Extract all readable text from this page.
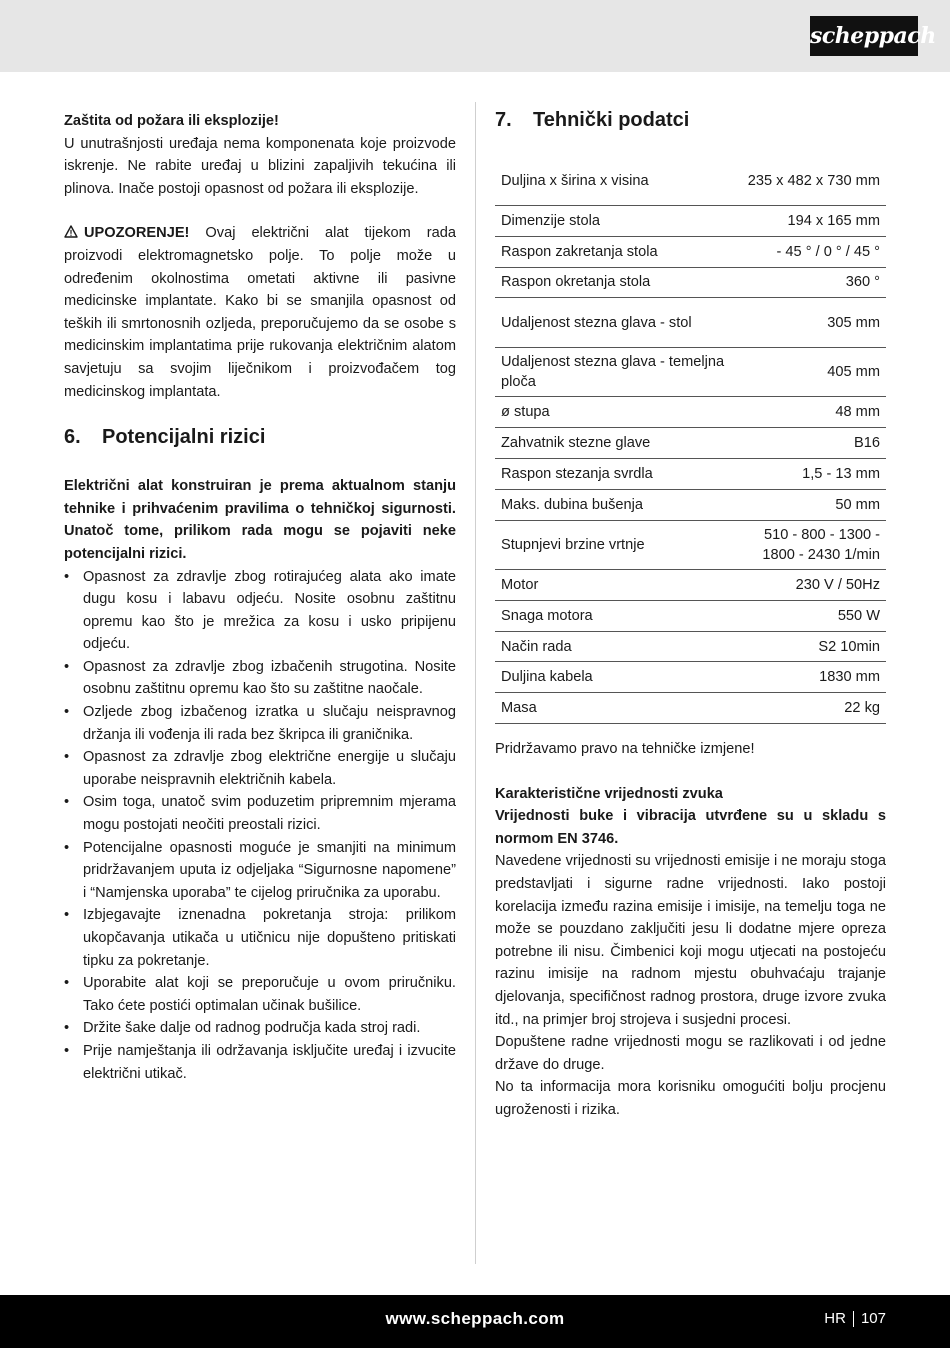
scheppach

Zaštita od požara ili eksplozije!

U unutrašnjosti uređaja nema komponenata koje proizvode iskrenje. Ne rabite uređaj u blizini zapaljivih tekućina ili plinova. Inače postoji opasnost od požara ili eksplozije.

UPOZORENJE! Ovaj električni alat tijekom rada proizvodi elektromagnetsko polje. To polje može u određenim okolnostima ometati aktivne ili pasivne medicinske implantate. Kako bi se smanjila opasnost od teških ili smrtonosnih ozljeda, preporučujemo da se osobe s medicinskim implantatima prije rukovanja električnim alatom savjetuju sa svojim liječnikom i proizvođačem tog medicinskog implantata.

6.	Potencijalni rizici

Električni alat konstruiran je prema aktualnom stanju tehnike i prihvaćenim pravilima o tehničkoj sigurnosti. Unatoč tome, prilikom rada mogu se pojaviti neke potencijalni rizici.

• Opasnost za zdravlje zbog rotirajućeg alata ako imate dugu kosu i labavu odjeću. Nosite osobnu zaštitnu opremu kao što je mrežica za kosu i usko pripijenu odjeću.
• Opasnost za zdravlje zbog izbačenih strugotina. Nosite osobnu zaštitnu opremu kao što su zaštitne naočale.
• Ozljede zbog izbačenog izratka u slučaju neispravnog držanja ili vođenja ili rada bez škripca ili graničnika.
• Opasnost za zdravlje zbog električne energije u slučaju uporabe neispravnih električnih kabela.
• Osim toga, unatoč svim poduzetim pripremnim mjerama mogu postojati neočiti preostali rizici.
• Potencijalne opasnosti moguće je smanjiti na minimum pridržavanjem uputa iz odjeljaka “Sigurnosne napomene” i “Namjenska uporaba” te cijelog priručnika za uporabu.
• Izbjegavajte iznenadna pokretanja stroja: prilikom ukopčavanja utikača u utičnicu nije dopušteno pritiskati tipku za pokretanje.
• Uporabite alat koji se preporučuje u ovom priručniku. Tako ćete postići optimalan učinak bušilice.
• Držite šake dalje od radnog područja kada stroj radi.
• Prije namještanja ili održavanja isključite uređaj i izvucite električni utikač.
7.	Tehnički podatci
Duljina x širina x visina	235 x 482 x 730 mm
Dimenzije stola	194 x 165 mm
Raspon zakretanja stola	- 45 ° / 0 ° / 45 °
Raspon okretanja stola	360 °
Udaljenost stezna glava - stol	305 mm
Udaljenost stezna glava - temeljna ploča	405 mm
ø stupa	48 mm
Zahvatnik stezne glave	B16
Raspon stezanja svrdla	1,5 - 13 mm
Maks. dubina bušenja	50 mm
Stupnjevi brzine vrtnje	510 - 800 - 1300 - 1800 - 2430 1/min
Motor	230 V / 50Hz
Snaga motora	550 W
Način rada	S2 10min
Duljina kabela	1830 mm
Masa	22 kg

Pridržavamo pravo na tehničke izmjene!

Karakteristične vrijednosti zvuka

Vrijednosti buke i vibracija utvrđene su u skladu s normom EN 3746.

Navedene vrijednosti su vrijednosti emisije i ne moraju stoga predstavljati i sigurne radne vrijednosti. Iako postoji korelacija između razina emisije i imisije, na temelju toga ne može se pouzdano zaključiti jesu li dodatne mjere opreza potrebne ili nisu. Čimbenici koji mogu utjecati na postojeću razinu imisije na radnom mjestu obuhvaćaju trajanje djelovanja, specifičnost radnog prostora, druge izvore zvuka itd., na primjer broj strojeva i susjedni procesi.

Dopuštene radne vrijednosti mogu se razlikovati i od jedne države do druge.

No ta informacija mora korisniku omogućiti bolju procjenu ugroženosti i rizika.

www.scheppach.com	HR 107
